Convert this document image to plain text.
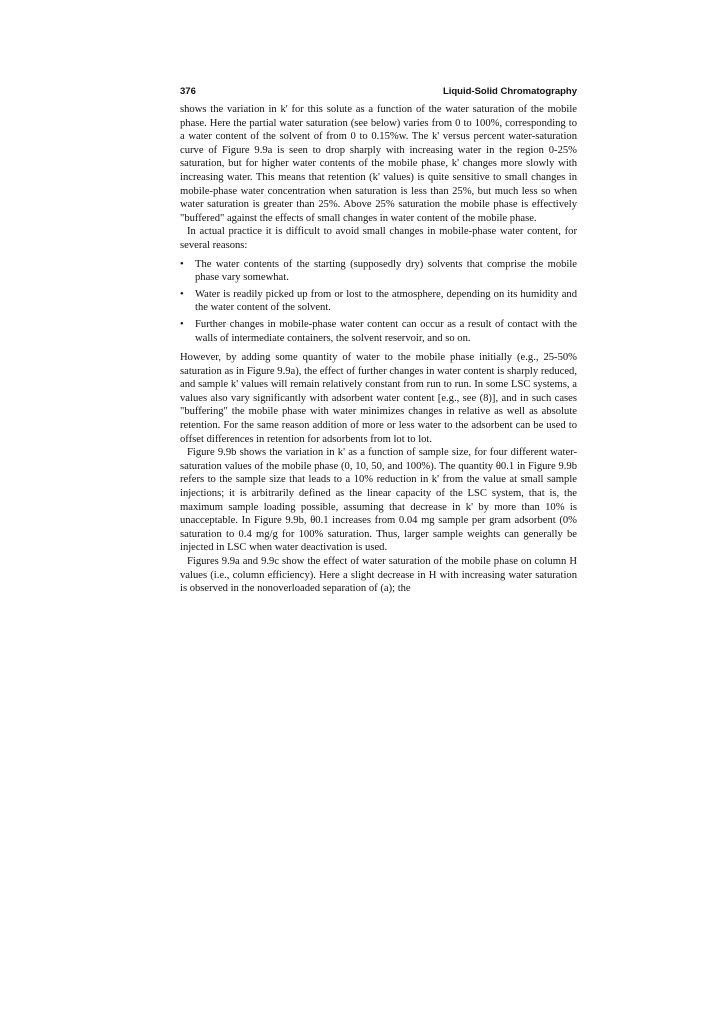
376	Liquid-Solid Chromatography

shows the variation in k' for this solute as a function of the water saturation of the mobile phase. Here the partial water saturation (see below) varies from 0 to 100%, corresponding to a water content of the solvent of from 0 to 0.15%w. The k' versus percent water-saturation curve of Figure 9.9a is seen to drop sharply with increasing water in the region 0-25% saturation, but for higher water contents of the mobile phase, k' changes more slowly with increasing water. This means that retention (k' values) is quite sensitive to small changes in mobile-phase water concentration when saturation is less than 25%, but much less so when water saturation is greater than 25%. Above 25% saturation the mobile phase is effectively "buffered" against the effects of small changes in water content of the mobile phase.

In actual practice it is difficult to avoid small changes in mobile-phase water content, for several reasons:

• The water contents of the starting (supposedly dry) solvents that comprise the mobile phase vary somewhat.
• Water is readily picked up from or lost to the atmosphere, depending on its humidity and the water content of the solvent.
• Further changes in mobile-phase water content can occur as a result of contact with the walls of intermediate containers, the solvent reservoir, and so on.

However, by adding some quantity of water to the mobile phase initially (e.g., 25-50% saturation as in Figure 9.9a), the effect of further changes in water content is sharply reduced, and sample k' values will remain relatively constant from run to run. In some LSC systems, a values also vary significantly with adsorbent water content [e.g., see (8)], and in such cases "buffering" the mobile phase with water minimizes changes in relative as well as absolute retention. For the same reason addition of more or less water to the adsorbent can be used to offset differences in retention for adsorbents from lot to lot.

Figure 9.9b shows the variation in k' as a function of sample size, for four different water-saturation values of the mobile phase (0, 10, 50, and 100%). The quantity θ0.1 in Figure 9.9b refers to the sample size that leads to a 10% reduction in k' from the value at small sample injections; it is arbitrarily defined as the linear capacity of the LSC system, that is, the maximum sample loading possible, assuming that decrease in k' by more than 10% is unacceptable. In Figure 9.9b, θ0.1 increases from 0.04 mg sample per gram adsorbent (0% saturation to 0.4 mg/g for 100% saturation. Thus, larger sample weights can generally be injected in LSC when water deactivation is used.

Figures 9.9a and 9.9c show the effect of water saturation of the mobile phase on column H values (i.e., column efficiency). Here a slight decrease in H with increasing water saturation is observed in the nonoverloaded separation of (a); the
